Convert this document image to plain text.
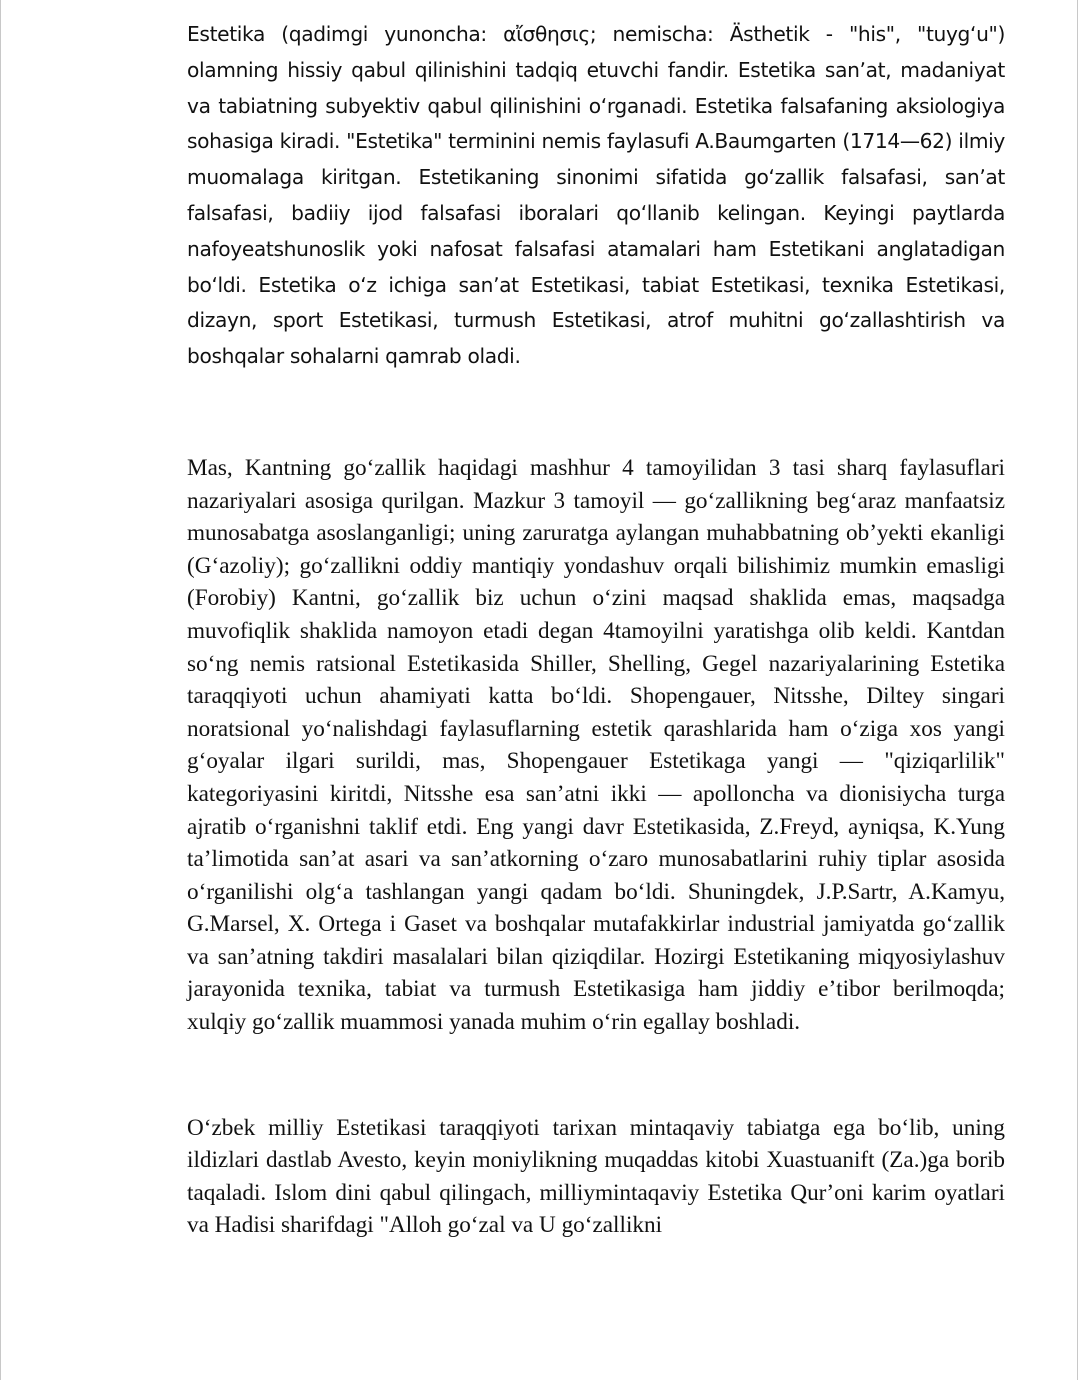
Estetika (qadimgi yunoncha: αἴσθησις; nemischa: Ästhetik - "his", "tuygʻu") olamning hissiy qabul qilinishini tadqiq etuvchi fandir. Estetika sanʼat, madaniyat va tabiatning subyektiv qabul qilinishini oʻrganadi. Estetika falsafaning aksiologiya sohasiga kiradi. "Estetika" terminini nemis faylasufi A.Baumgarten (1714—62) ilmiy muomalaga kiritgan. Estetikaning sinonimi sifatida goʻzallik falsafasi, sanʼat falsafasi, badiiy ijod falsafasi iboralari qoʻllanib kelingan. Keyingi paytlarda nafoyeatshunoslik yoki nafosat falsafasi atamalari ham Estetikani anglatadigan boʻldi. Estetika oʻz ichiga sanʼat Estetikasi, tabiat Estetikasi, texnika Estetikasi, dizayn, sport Estetikasi, turmush Estetikasi, atrof muhitni goʻzallashtirish va boshqalar sohalarni qamrab oladi.

Mas, Kantning goʻzallik haqidagi mashhur 4 tamoyilidan 3 tasi sharq faylasuflari nazariyalari asosiga qurilgan. Mazkur 3 tamoyil — goʻzallikning begʻaraz manfaatsiz munosabatga asoslanganligi; uning zaruratga aylangan muhabbatning obʼyekti ekanligi (Gʻazoliy); goʻzallikni oddiy mantiqiy yondashuv orqali bilishimiz mumkin emasligi (Forobiy) Kantni, goʻzallik biz uchun oʻzini maqsad shaklida emas, maqsadga muvofiqlik shaklida namoyon etadi degan 4tamoyilni yaratishga olib keldi. Kantdan soʻng nemis ratsional Estetikasida Shiller, Shelling, Gegel nazariyalarining Estetika taraqqiyoti uchun ahamiyati katta boʻldi. Shopengauer, Nitsshe, Diltey singari noratsional yoʻnalishdagi faylasuflarning estetik qarashlarida ham oʻziga xos yangi gʻoyalar ilgari surildi, mas, Shopengauer Estetikaga yangi — "qiziqarlilik" kategoriyasini kiritdi, Nitsshe esa sanʼatni ikki — apolloncha va dionisiycha turga ajratib oʻrganishni taklif etdi. Eng yangi davr Estetikasida, Z.Freyd, ayniqsa, K.Yung taʼlimotida sanʼat asari va sanʼatkorning oʻzaro munosabatlarini ruhiy tiplar asosida oʻrganilishi olgʻa tashlangan yangi qadam boʻldi. Shuningdek, J.P.Sartr, A.Kamyu, G.Marsel, X. Ortega i Gaset va boshqalar mutafakkirlar industrial jamiyatda goʻzallik va sanʼatning takdiri masalalari bilan qiziqdilar. Hozirgi Estetikaning miqyosiylashuv jarayonida texnika, tabiat va turmush Estetikasiga ham jiddiy eʼtibor berilmoqda; xulqiy goʻzallik muammosi yanada muhim oʻrin egallay boshladi.

Oʻzbek milliy Estetikasi taraqqiyoti tarixan mintaqaviy tabiatga ega boʻlib, uning ildizlari dastlab Avesto, keyin moniylikning muqaddas kitobi Xuastuanift (Za.)ga borib taqaladi. Islom dini qabul qilingach, milliymintaqaviy Estetika Qurʼoni karim oyatlari va Hadisi sharifdagi "Alloh goʻzal va U goʻzallikni
